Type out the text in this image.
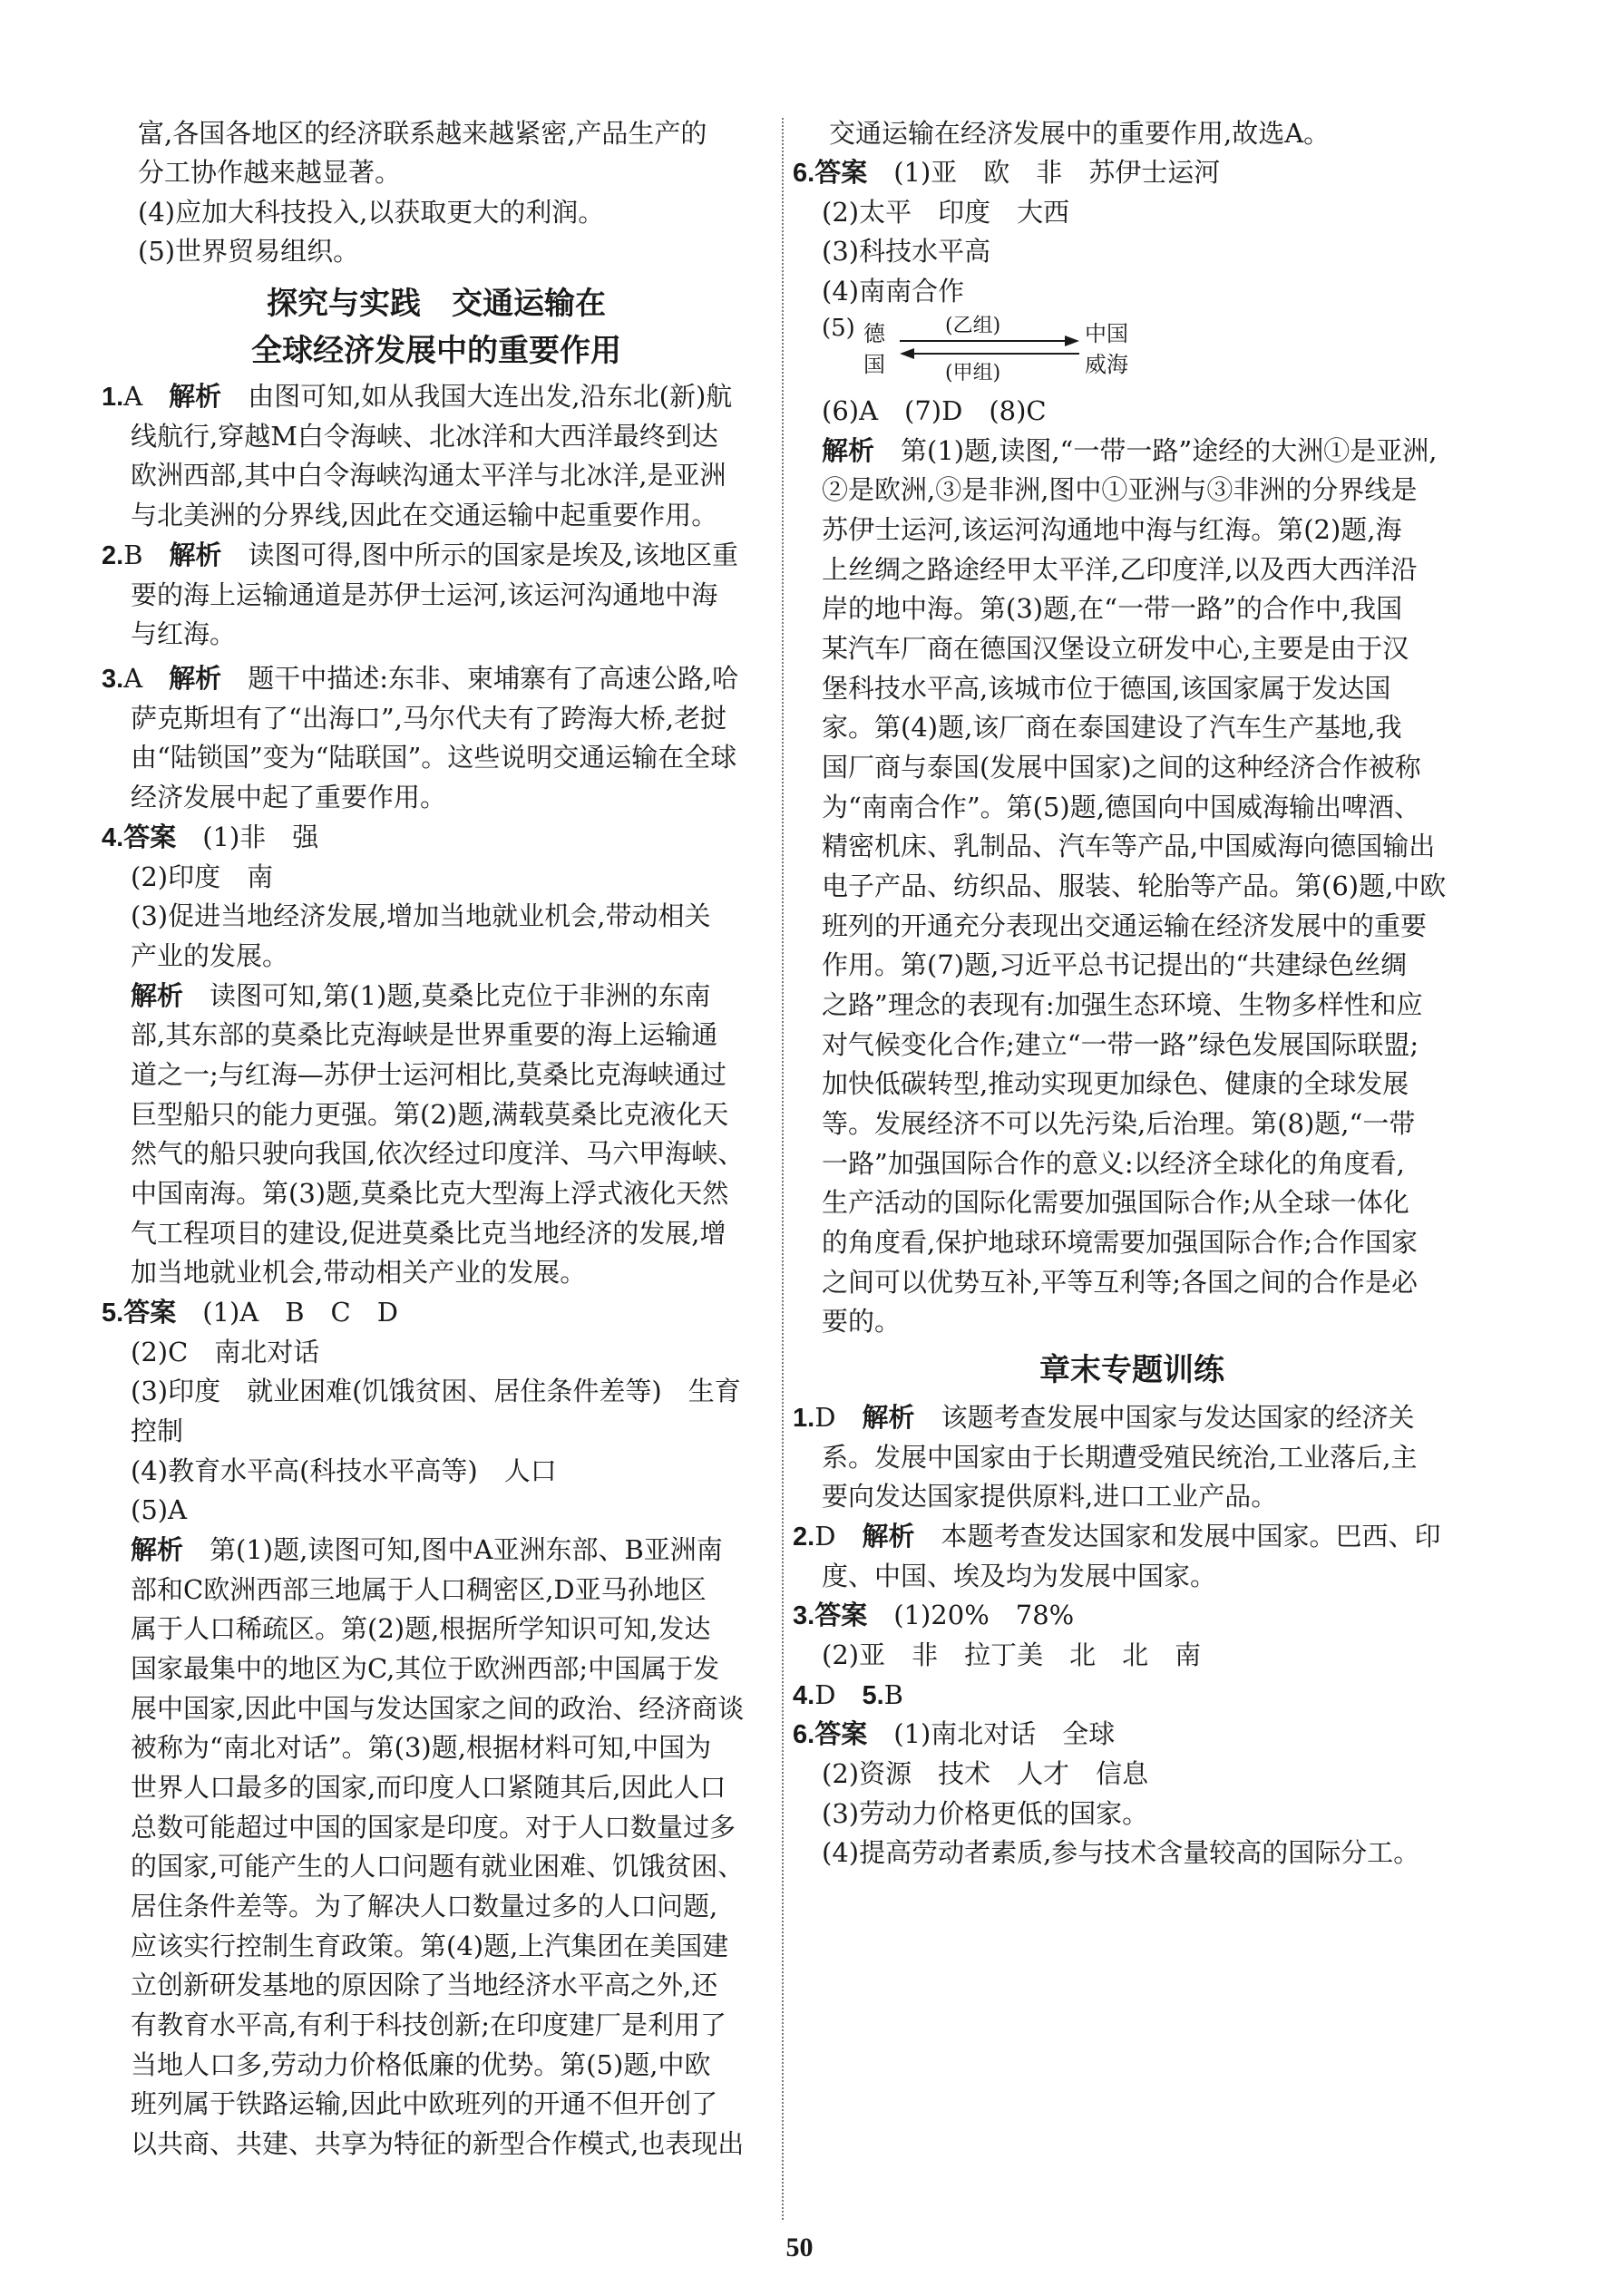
富,各国各地区的经济联系越来越紧密,产品生产的
分工协作越来越显著。
(4)应加大科技投入,以获取更大的利润。
(5)世界贸易组织。
探究与实践　交通运输在
全球经济发展中的重要作用
1.A　 解析　 由图可知,如从我国大连出发,沿东北(新)航
线航行,穿越M白令海峡、北冰洋和大西洋最终到达
欧洲西部,其中白令海峡沟通太平洋与北冰洋,是亚洲
与北美洲的分界线,因此在交通运输中起重要作用。
2.B　 解析　 读图可得,图中所示的国家是埃及,该地区重
要的海上运输通道是苏伊士运河,该运河沟通地中海
与红海。
3.A　 解析　 题干中描述:东非、柬埔寨有了高速公路,哈
萨克斯坦有了“出海口”,马尔代夫有了跨海大桥,老挝
由“陆锁国”变为“陆联国”。这些说明交通运输在全球
经济发展中起了重要作用。
4.答案　 (1)非　强
(2)印度　南
(3)促进当地经济发展,增加当地就业机会,带动相关
产业的发展。
解析　 读图可知,第(1)题,莫桑比克位于非洲的东南
部,其东部的莫桑比克海峡是世界重要的海上运输通
道之一;与红海—苏伊士运河相比,莫桑比克海峡通过
巨型船只的能力更强。第(2)题,满载莫桑比克液化天
然气的船只驶向我国,依次经过印度洋、马六甲海峡、
中国南海。第(3)题,莫桑比克大型海上浮式液化天然
气工程项目的建设,促进莫桑比克当地经济的发展,增
加当地就业机会,带动相关产业的发展。
5.答案　 (1)A　B　C　D
(2)C　南北对话
(3)印度　就业困难(饥饿贫困、居住条件差等)　生育
控制
(4)教育水平高(科技水平高等)　人口
(5)A
解析　 第(1)题,读图可知,图中A亚洲东部、B亚洲南
部和C欧洲西部三地属于人口稠密区,D亚马孙地区
属于人口稀疏区。第(2)题,根据所学知识可知,发达
国家最集中的地区为C,其位于欧洲西部;中国属于发
展中国家,因此中国与发达国家之间的政治、经济商谈
被称为“南北对话”。第(3)题,根据材料可知,中国为
世界人口最多的国家,而印度人口紧随其后,因此人口
总数可能超过中国的国家是印度。对于人口数量过多
的国家,可能产生的人口问题有就业困难、饥饿贫困、
居住条件差等。为了解决人口数量过多的人口问题,
应该实行控制生育政策。第(4)题,上汽集团在美国建
立创新研发基地的原因除了当地经济水平高之外,还
有教育水平高,有利于科技创新;在印度建厂是利用了
当地人口多,劳动力价格低廉的优势。第(5)题,中欧
班列属于铁路运输,因此中欧班列的开通不但开创了
以共商、共建、共享为特征的新型合作模式,也表现出
交通运输在经济发展中的重要作用,故选A。
6.答案　 (1)亚　欧　非　苏伊士运河
(2)太平　印度　大西
(3)科技水平高
(4)南南合作
(5) 德
国
(乙组)
(甲组)
中国
威海
(6)A　(7)D　(8)C
解析　 第(1)题,读图,“一带一路”途经的大洲①是亚洲,
②是欧洲,③是非洲,图中①亚洲与③非洲的分界线是
苏伊士运河,该运河沟通地中海与红海。第(2)题,海
上丝绸之路途经甲太平洋,乙印度洋,以及西大西洋沿
岸的地中海。第(3)题,在“一带一路”的合作中,我国
某汽车厂商在德国汉堡设立研发中心,主要是由于汉
堡科技水平高,该城市位于德国,该国家属于发达国
家。第(4)题,该厂商在泰国建设了汽车生产基地,我
国厂商与泰国(发展中国家)之间的这种经济合作被称
为“南南合作”。第(5)题,德国向中国威海输出啤酒、
精密机床、乳制品、汽车等产品,中国威海向德国输出
电子产品、纺织品、服装、轮胎等产品。第(6)题,中欧
班列的开通充分表现出交通运输在经济发展中的重要
作用。第(7)题,习近平总书记提出的“共建绿色丝绸
之路”理念的表现有:加强生态环境、生物多样性和应
对气候变化合作;建立“一带一路”绿色发展国际联盟;
加快低碳转型,推动实现更加绿色、健康的全球发展
等。发展经济不可以先污染,后治理。第(8)题,“一带
一路”加强国际合作的意义:以经济全球化的角度看,
生产活动的国际化需要加强国际合作;从全球一体化
的角度看,保护地球环境需要加强国际合作;合作国家
之间可以优势互补,平等互利等;各国之间的合作是必
要的。
章末专题训练
1.D　 解析　 该题考查发展中国家与发达国家的经济关
系。发展中国家由于长期遭受殖民统治,工业落后,主
要向发达国家提供原料,进口工业产品。
2.D　 解析　 本题考查发达国家和发展中国家。巴西、印
度、中国、埃及均为发展中国家。
3.答案　 (1)20%　78%
(2)亚　非　拉丁美　北　北　南
4.D　 5.B
6.答案　 (1)南北对话　全球
(2)资源　技术　人才　信息
(3)劳动力价格更低的国家。
(4)提高劳动者素质,参与技术含量较高的国际分工。
50
